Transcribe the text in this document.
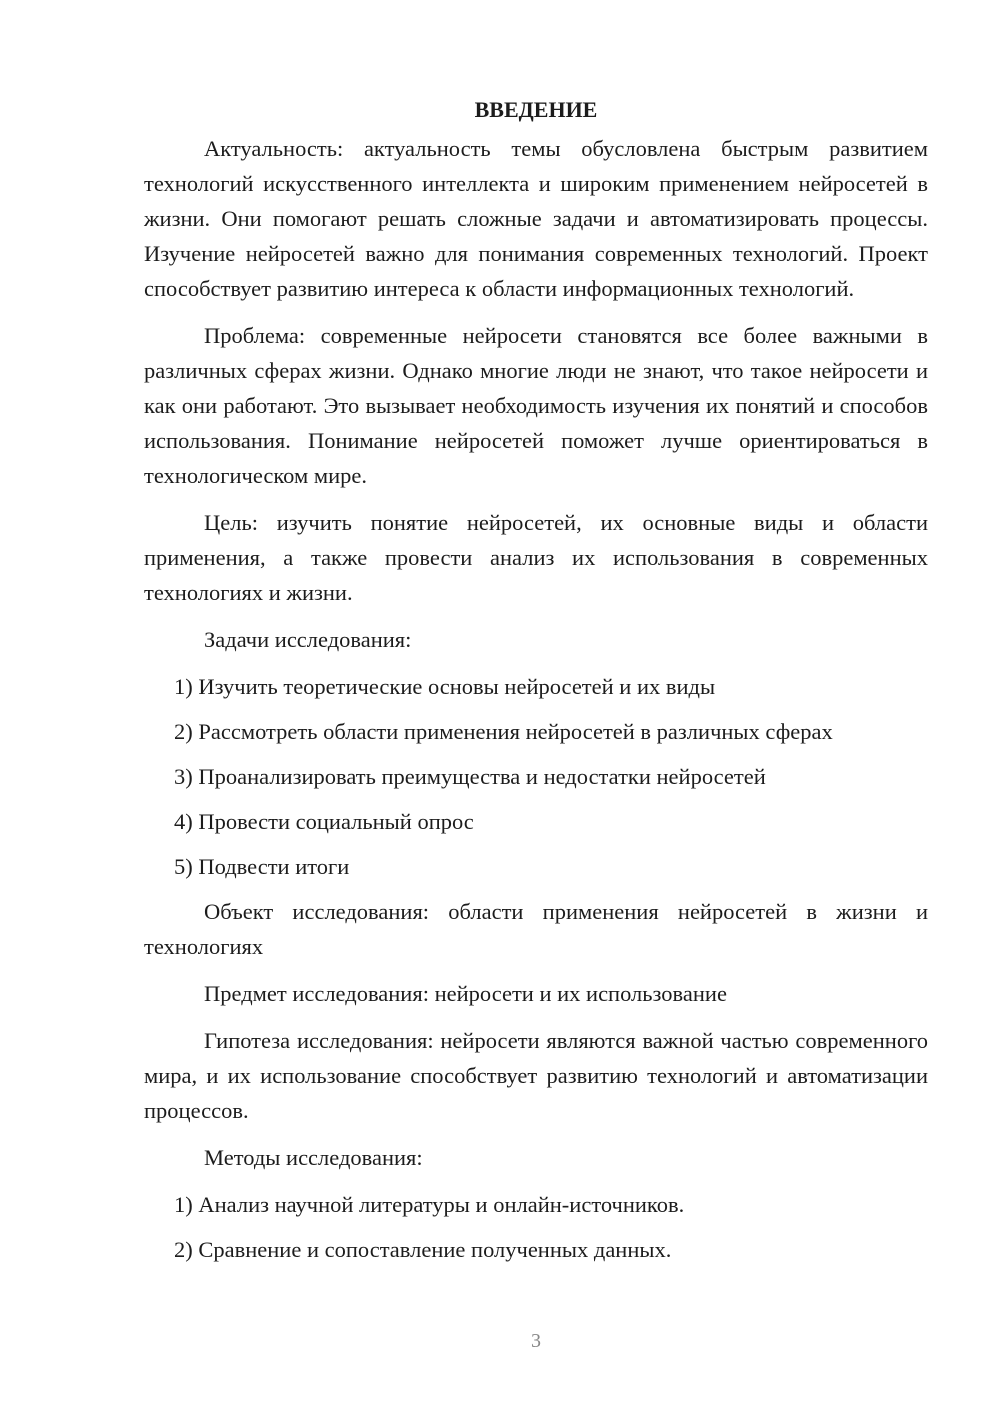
ВВЕДЕНИЕ

Актуальность: актуальность темы обусловлена быстрым развитием технологий искусственного интеллекта и широким применением нейросетей в жизни. Они помогают решать сложные задачи и автоматизировать процессы. Изучение нейросетей важно для понимания современных технологий. Проект способствует развитию интереса к области информационных технологий.

Проблема: современные нейросети становятся все более важными в различных сферах жизни. Однако многие люди не знают, что такое нейросети и как они работают. Это вызывает необходимость изучения их понятий и способов использования. Понимание нейросетей поможет лучше ориентироваться в технологическом мире.

Цель: изучить понятие нейросетей, их основные виды и области применения, а также провести анализ их использования в современных технологиях и жизни.

Задачи исследования:

1) Изучить теоретические основы нейросетей и их виды
2) Рассмотреть области применения нейросетей в различных сферах
3) Проанализировать преимущества и недостатки нейросетей
4) Провести социальный опрос
5) Подвести итоги

Объект исследования: области применения нейросетей в жизни и технологиях

Предмет исследования: нейросети и их использование

Гипотеза исследования: нейросети являются важной частью современного мира, и их использование способствует развитию технологий и автоматизации процессов.

Методы исследования:

1) Анализ научной литературы и онлайн-источников.
2) Сравнение и сопоставление полученных данных.
3
